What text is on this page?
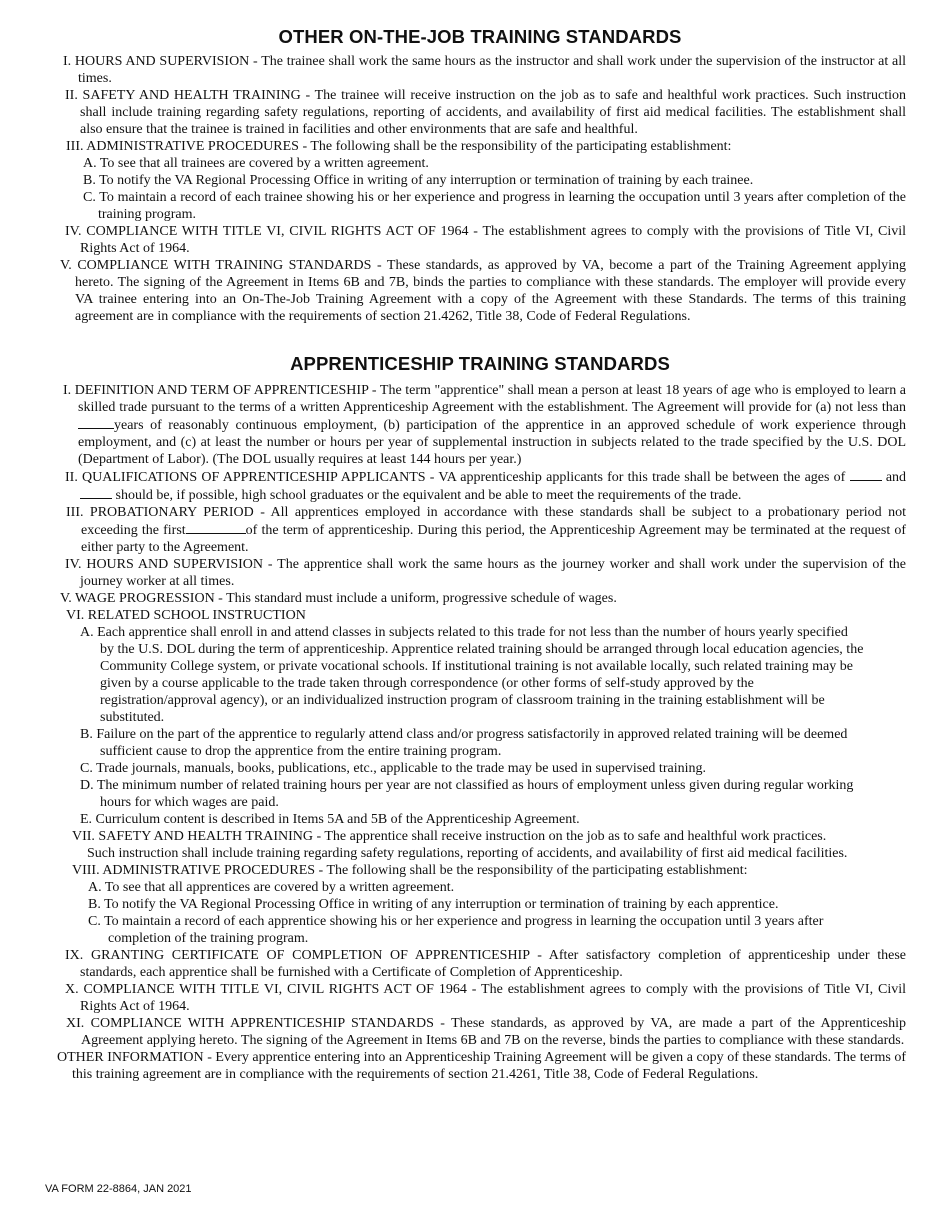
OTHER ON-THE-JOB TRAINING STANDARDS
I. HOURS AND SUPERVISION - The trainee shall work the same hours as the instructor and shall work under the supervision of the instructor at all times.
II. SAFETY AND HEALTH TRAINING - The trainee will receive instruction on the job as to safe and healthful work practices. Such instruction shall include training regarding safety regulations, reporting of accidents, and availability of first aid medical facilities. The establishment shall also ensure that the trainee is trained in facilities and other environments that are safe and healthful.
III. ADMINISTRATIVE PROCEDURES - The following shall be the responsibility of the participating establishment:
A. To see that all trainees are covered by a written agreement.
B. To notify the VA Regional Processing Office in writing of any interruption or termination of training by each trainee.
C. To maintain a record of each trainee showing his or her experience and progress in learning the occupation until 3 years after completion of the training program.
IV. COMPLIANCE WITH TITLE VI, CIVIL RIGHTS ACT OF 1964 - The establishment agrees to comply with the provisions of Title VI, Civil Rights Act of 1964.
V. COMPLIANCE WITH TRAINING STANDARDS - These standards, as approved by VA, become a part of the Training Agreement applying hereto. The signing of the Agreement in Items 6B and 7B, binds the parties to compliance with these standards. The employer will provide every VA trainee entering into an On-The-Job Training Agreement with a copy of the Agreement with these Standards. The terms of this training agreement are in compliance with the requirements of section 21.4262, Title 38, Code of Federal Regulations.
APPRENTICESHIP TRAINING STANDARDS
I. DEFINITION AND TERM OF APPRENTICESHIP - The term "apprentice" shall mean a person at least 18 years of age who is employed to learn a skilled trade pursuant to the terms of a written Apprenticeship Agreement with the establishment. The Agreement will provide for (a) not less thanyears of reasonably continuous employment, (b) participation of the apprentice in an approved schedule of work experience through employment, and (c) at least the number or hours per year of supplemental instruction in subjects related to the trade specified by the U.S. DOL (Department of Labor). (The DOL usually requires at least 144 hours per year.)
II. QUALIFICATIONS OF APPRENTICESHIP APPLICANTS - VA apprenticeship applicants for this trade shall be between the ages of	and  should be, if possible, high school graduates or the equivalent and be able to meet the requirements of the trade.
III. PROBATIONARY PERIOD - All apprentices employed in accordance with these standards shall be subject to a probationary period not exceeding the first	of the term of apprenticeship. During this period, the Apprenticeship Agreement may be terminated at the request of either party to the Agreement.
IV. HOURS AND SUPERVISION - The apprentice shall work the same hours as the journey worker and shall work under the supervision of the journey worker at all times.
V. WAGE PROGRESSION - This standard must include a uniform, progressive schedule of wages.
VI. RELATED SCHOOL INSTRUCTION
A. Each apprentice shall enroll in and attend classes in subjects related to this trade for not less than the number of hours yearly specified by the U.S. DOL during the term of apprenticeship. Apprentice related training should be arranged through local education agencies, the Community College system, or private vocational schools. If institutional training is not available locally, such related training may be given by a course applicable to the trade taken through correspondence (or other forms of self-study approved by the registration/approval agency), or an individualized instruction program of classroom training in the training establishment will be substituted.
B. Failure on the part of the apprentice to regularly attend class and/or progress satisfactorily in approved related training will be deemed sufficient cause to drop the apprentice from the entire training program.
C. Trade journals, manuals, books, publications, etc., applicable to the trade may be used in supervised training.
D. The minimum number of related training hours per year are not classified as hours of employment unless given during regular working hours for which wages are paid.
E. Curriculum content is described in Items 5A and 5B of the Apprenticeship Agreement.
VII. SAFETY AND HEALTH TRAINING - The apprentice shall receive instruction on the job as to safe and healthful work practices. Such instruction shall include training regarding safety regulations, reporting of accidents, and availability of first aid medical facilities.
VIII. ADMINISTRATIVE PROCEDURES - The following shall be the responsibility of the participating establishment:
A. To see that all apprentices are covered by a written agreement.
B. To notify the VA Regional Processing Office in writing of any interruption or termination of training by each apprentice.
C. To maintain a record of each apprentice showing his or her experience and progress in learning the occupation until 3 years after completion of the training program.
IX. GRANTING CERTIFICATE OF COMPLETION OF APPRENTICESHIP - After satisfactory completion of apprenticeship under these standards, each apprentice shall be furnished with a Certificate of Completion of Apprenticeship.
X. COMPLIANCE WITH TITLE VI, CIVIL RIGHTS ACT OF 1964 - The establishment agrees to comply with the provisions of Title VI, Civil Rights Act of 1964.
XI. COMPLIANCE WITH APPRENTICESHIP STANDARDS - These standards, as approved by VA, are made a part of the Apprenticeship Agreement applying hereto. The signing of the Agreement in Items 6B and 7B on the reverse, binds the parties to compliance with these standards.
OTHER INFORMATION - Every apprentice entering into an Apprenticeship Training Agreement will be given a copy of these standards. The terms of this training agreement are in compliance with the requirements of section 21.4261, Title 38, Code of Federal Regulations.
VA FORM 22-8864, JAN 2021
